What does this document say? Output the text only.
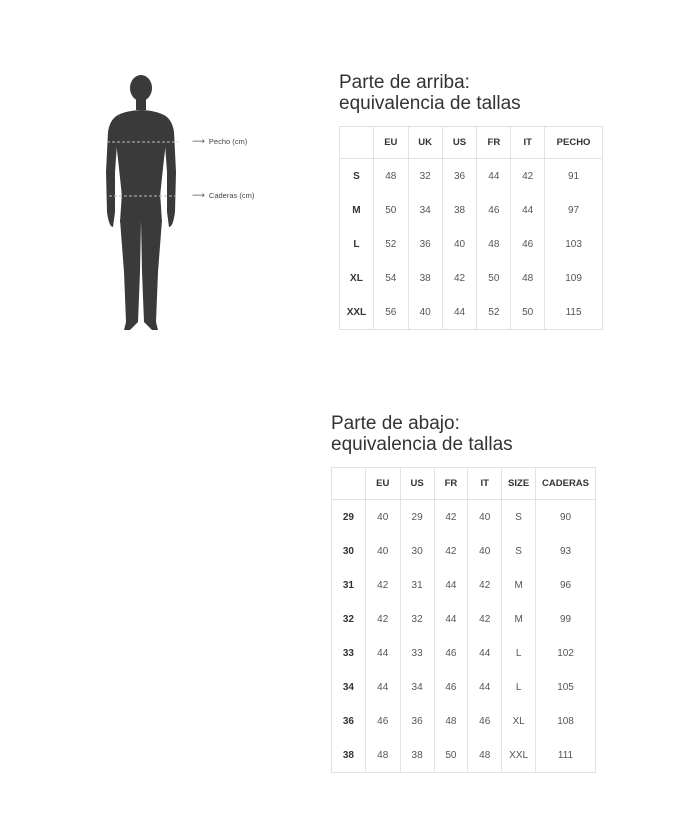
⟶ Pecho (cm)
⟶ Caderas (cm)
Parte de arriba:
equivalencia de tallas
	EU	UK	US	FR	IT	PECHO
S	48	32	36	44	42	91
M	50	34	38	46	44	97
L	52	36	40	48	46	103
XL	54	38	42	50	48	109
XXL	56	40	44	52	50	115
Parte de abajo:
equivalencia de tallas
	EU	US	FR	IT	SIZE	CADERAS
29	40	29	42	40	S	90
30	40	30	42	40	S	93
31	42	31	44	42	M	96
32	42	32	44	42	M	99
33	44	33	46	44	L	102
34	44	34	46	44	L	105
36	46	36	48	46	XL	108
38	48	38	50	48	XXL	111
